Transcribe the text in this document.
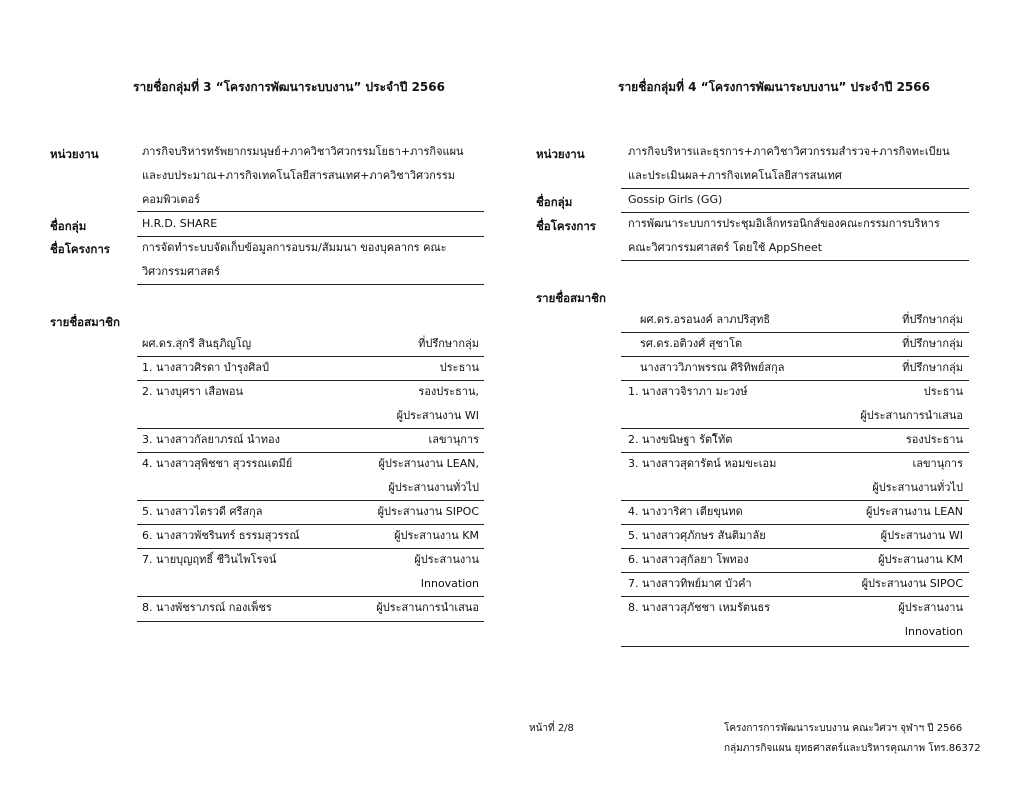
รายชื่อกลุ่มที่ 3 “โครงการพัฒนาระบบงาน” ประจำปี 2566
หน่วยงาน	ภารกิจบริหารทรัพยากรมนุษย์+ภาควิชาวิศวกรรมโยธา+ภารกิจแผน
และงบประมาณ+ภารกิจเทคโนโลยีสารสนเทศ+ภาควิชาวิศวกรรม
คอมพิวเตอร์
ชื่อกลุ่ม	H.R.D. SHARE
ชื่อโครงการ	การจัดทำระบบจัดเก็บข้อมูลการอบรม/สัมมนา ของบุคลากร คณะ
วิศวกรรมศาสตร์
รายชื่อสมาชิก
ผศ.ดร.สุกรี สินธุภิญโญ	ที่ปรึกษากลุ่ม
1. นางสาวศิรดา บำรุงศิลป์	ประธาน
2. นางบุศรา เสือพอน	รองประธาน,
ผู้ประสานงาน WI
3. นางสาวกัลยาภรณ์ นำทอง	เลขานุการ
4. นางสาวสุพิชชา สุวรรณเตมีย์	ผู้ประสานงาน LEAN,
ผู้ประสานงานทั่วไป
5. นางสาวไตรวดี ศรีสกุล	ผู้ประสานงาน SIPOC
6. นางสาวพัชรินทร์ ธรรมสุวรรณ์	ผู้ประสานงาน KM
7. นายบุญฤทธิ์ ชีวินไพโรจน์	ผู้ประสานงาน
Innovation
8. นางพัชราภรณ์ กองเพ็ชร	ผู้ประสานการนำเสนอ
รายชื่อกลุ่มที่ 4 “โครงการพัฒนาระบบงาน” ประจำปี 2566
หน่วยงาน	ภารกิจบริหารและธุรการ+ภาควิชาวิศวกรรมสำรวจ+ภารกิจทะเบียน
และประเมินผล+ภารกิจเทคโนโลยีสารสนเทศ
ชื่อกลุ่ม	Gossip Girls (GG)
ชื่อโครงการ	การพัฒนาระบบการประชุมอิเล็กทรอนิกส์ของคณะกรรมการบริหาร
คณะวิศวกรรมศาสตร์ โดยใช้ AppSheet
รายชื่อสมาชิก
ผศ.ดร.อรอนงค์ ลาภปริสุทธิ	ที่ปรึกษากลุ่ม
รศ.ดร.อติวงศ์ สุชาโต	ที่ปรึกษากลุ่ม
นางสาววิภาพรรณ ศิริทิพย์สกุล	ที่ปรึกษากลุ่ม
1. นางสาวจิราภา มะวงษ์	ประธาน
ผู้ประสานการนำเสนอ
2. นางขนิษฐา รัตโิทัต	รองประธาน
3. นางสาวสุดารัตน์ หอมขะเอม	เลขานุการ
ผู้ประสานงานทั่วไป
4. นางวาริศา เตียขุนทด	ผู้ประสานงาน LEAN
5. นางสาวศุภักษร สันติมาลัย	ผู้ประสานงาน WI
6. นางสาวสุกัลยา โพทอง	ผู้ประสานงาน KM
7. นางสาวทิพย์มาศ บัวคำ	ผู้ประสานงาน SIPOC
8. นางสาวสุภัชชา เหมรัตนธร	ผู้ประสานงาน
Innovation
หน้าที่ 2/8	โครงการการพัฒนาระบบงาน คณะวิศวฯ จุฬาฯ ปี 2566
กลุ่มภารกิจแผน ยุทธศาสตร์และบริหารคุณภาพ โทร.86372
